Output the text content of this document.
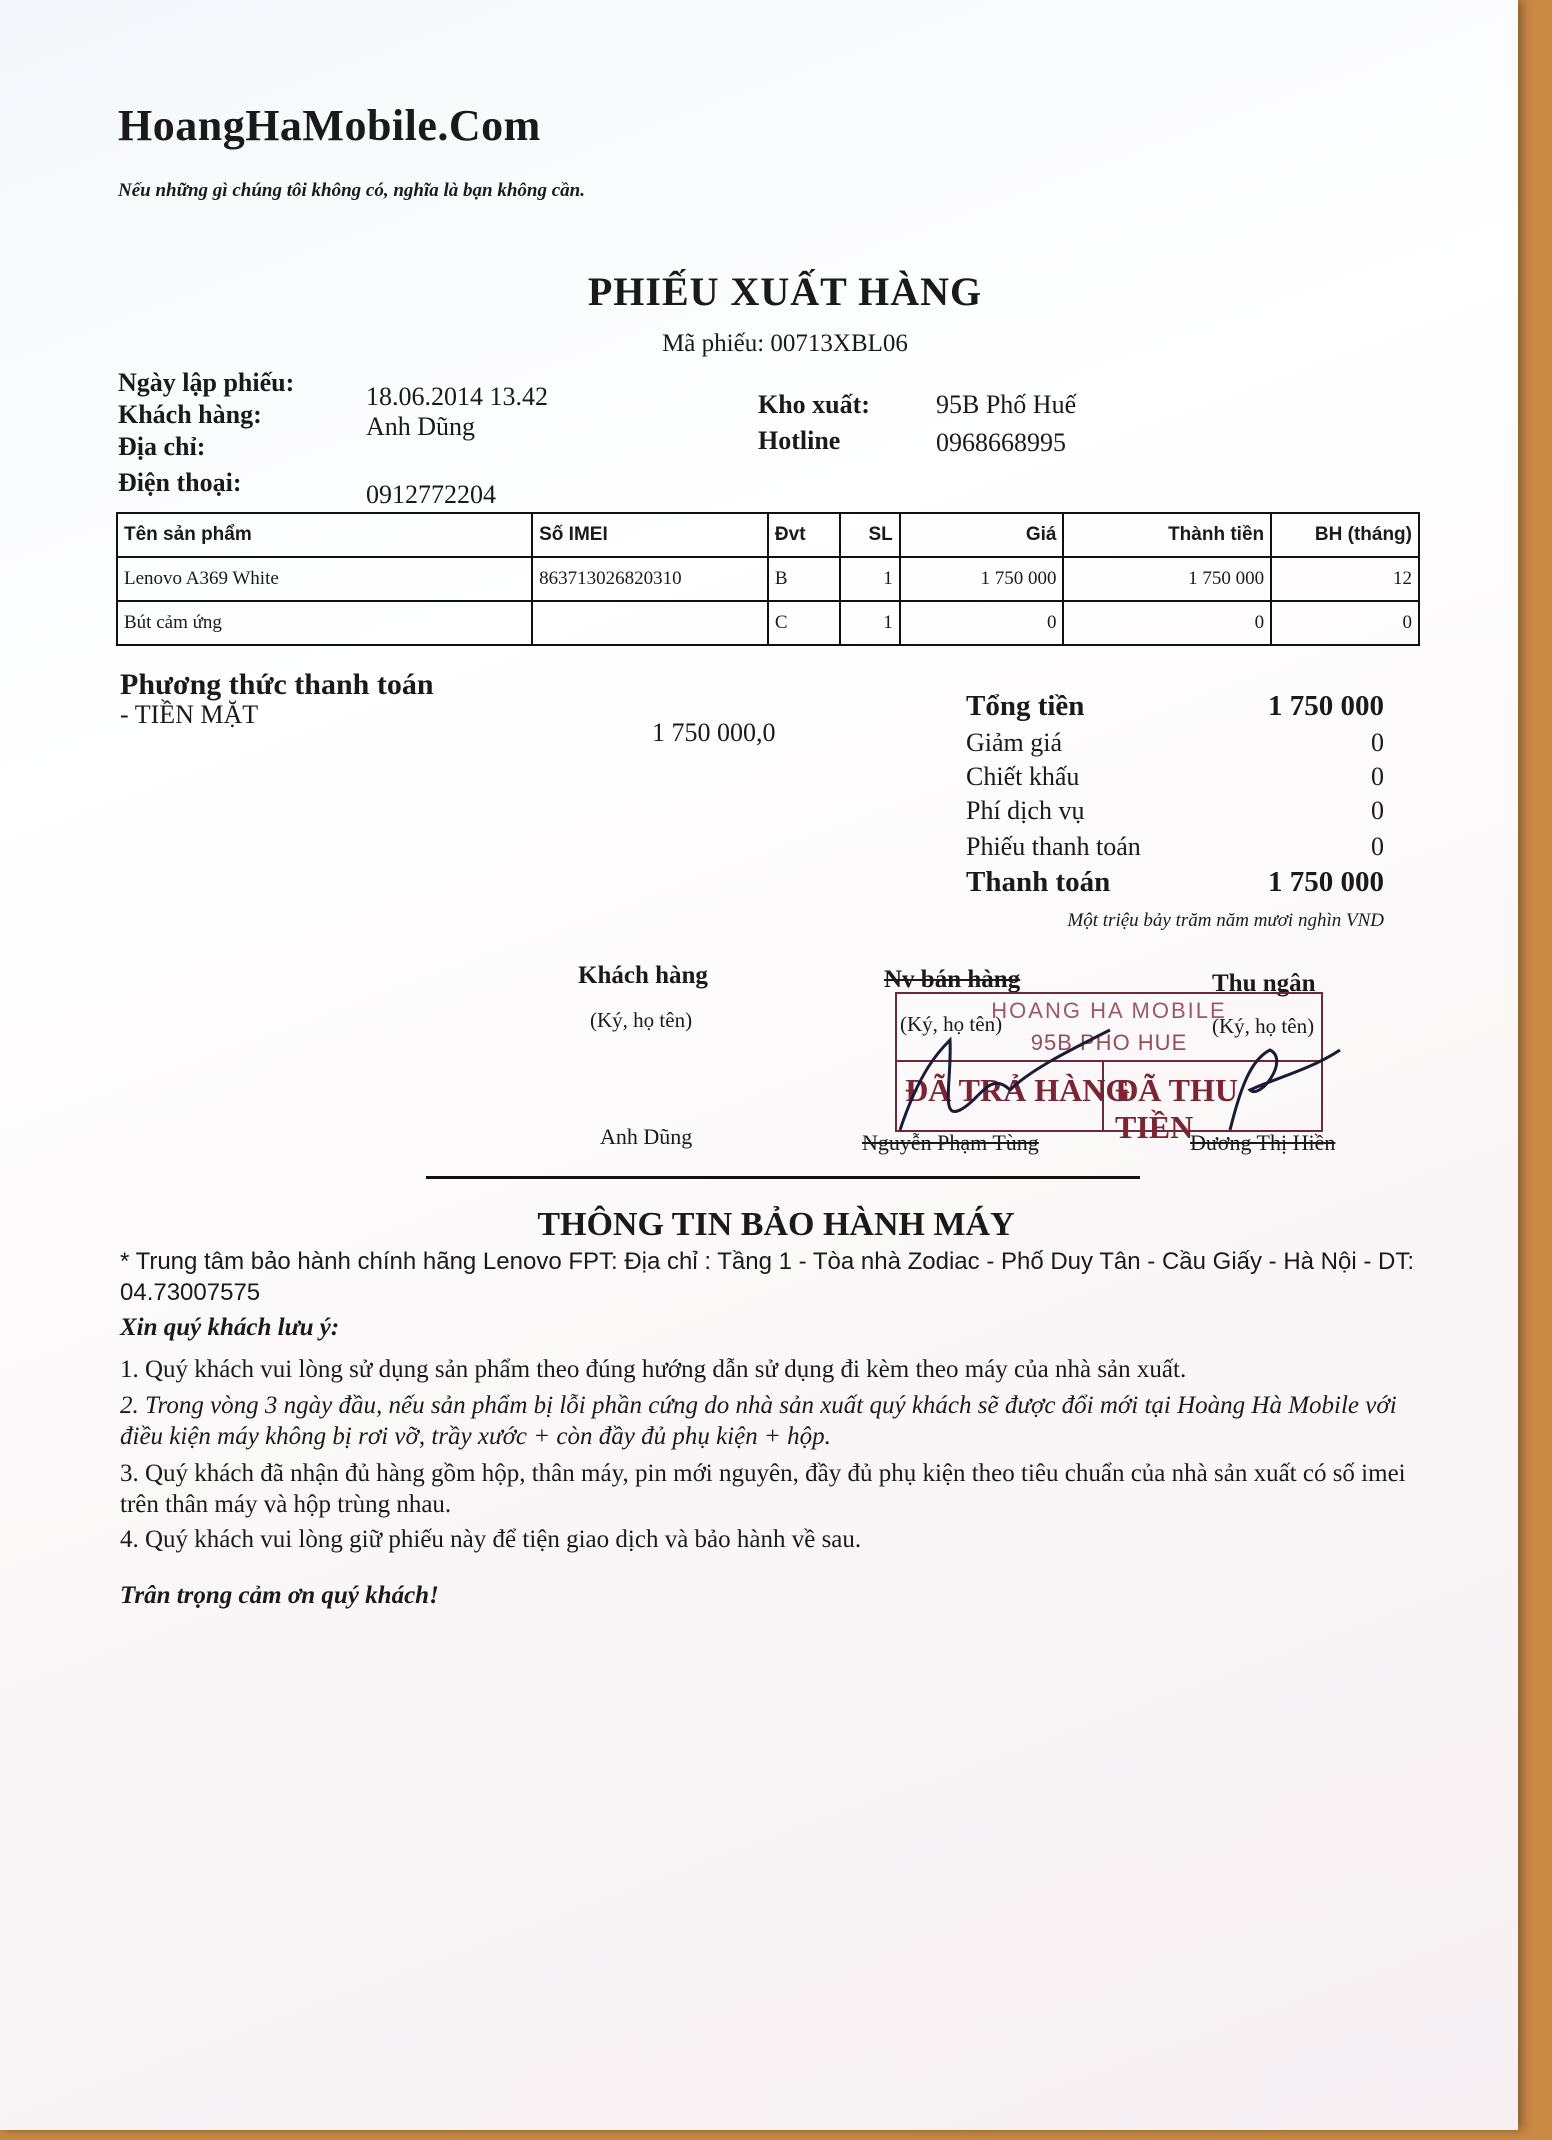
HoangHaMobile.Com
Nếu những gì chúng tôi không có, nghĩa là bạn không cần.
PHIẾU XUẤT HÀNG
Mã phiếu: 00713XBL06
Ngày lập phiếu:	18.06.2014 13.42
Khách hàng:	Anh Dũng
Địa chỉ:
Điện thoại:	0912772204
Kho xuất:	95B Phố Huế
Hotline	0968668995
Tên sản phẩm	Số IMEI	Đvt	SL	Giá	Thành tiền	BH (tháng)
Lenovo A369 White	863713026820310	B	1	1 750 000	1 750 000	12
Bút cảm ứng		C	1	0	0	0
Phương thức thanh toán
- TIỀN MẶT
1 750 000,0
Tổng tiền	1 750 000
Giảm giá	0
Chiết khấu	0
Phí dịch vụ	0
Phiếu thanh toán	0
Thanh toán	1 750 000
Một triệu bảy trăm năm mươi nghìn VND
Khách hàng
(Ký, họ tên)
Anh Dũng
Nv bán hàng
(Ký, họ tên)
Nguyễn Phạm Tùng
Thu ngân
(Ký, họ tên)
Dương Thị Hiền
HOANG HA MOBILE
95B PHO HUE
ĐÃ TRẢ HÀNG
ĐÃ THU TIỀN
THÔNG TIN BẢO HÀNH MÁY
* Trung tâm bảo hành chính hãng Lenovo FPT: Địa chỉ : Tầng 1 - Tòa nhà Zodiac - Phố Duy Tân - Cầu Giấy - Hà Nội - DT: 04.73007575
Xin quý khách lưu ý:
1. Quý khách vui lòng sử dụng sản phẩm theo đúng hướng dẫn sử dụng đi kèm theo máy của nhà sản xuất.
2. Trong vòng 3 ngày đầu, nếu sản phẩm bị lỗi phần cứng do nhà sản xuất quý khách sẽ được đổi mới tại Hoàng Hà Mobile với điều kiện máy không bị rơi vỡ, trầy xước + còn đầy đủ phụ kiện + hộp.
3. Quý khách đã nhận đủ hàng gồm hộp, thân máy, pin mới nguyên, đầy đủ phụ kiện theo tiêu chuẩn của nhà sản xuất có số imei trên thân máy và hộp trùng nhau.
4. Quý khách vui lòng giữ phiếu này để tiện giao dịch và bảo hành về sau.
Trân trọng cảm ơn quý khách!
